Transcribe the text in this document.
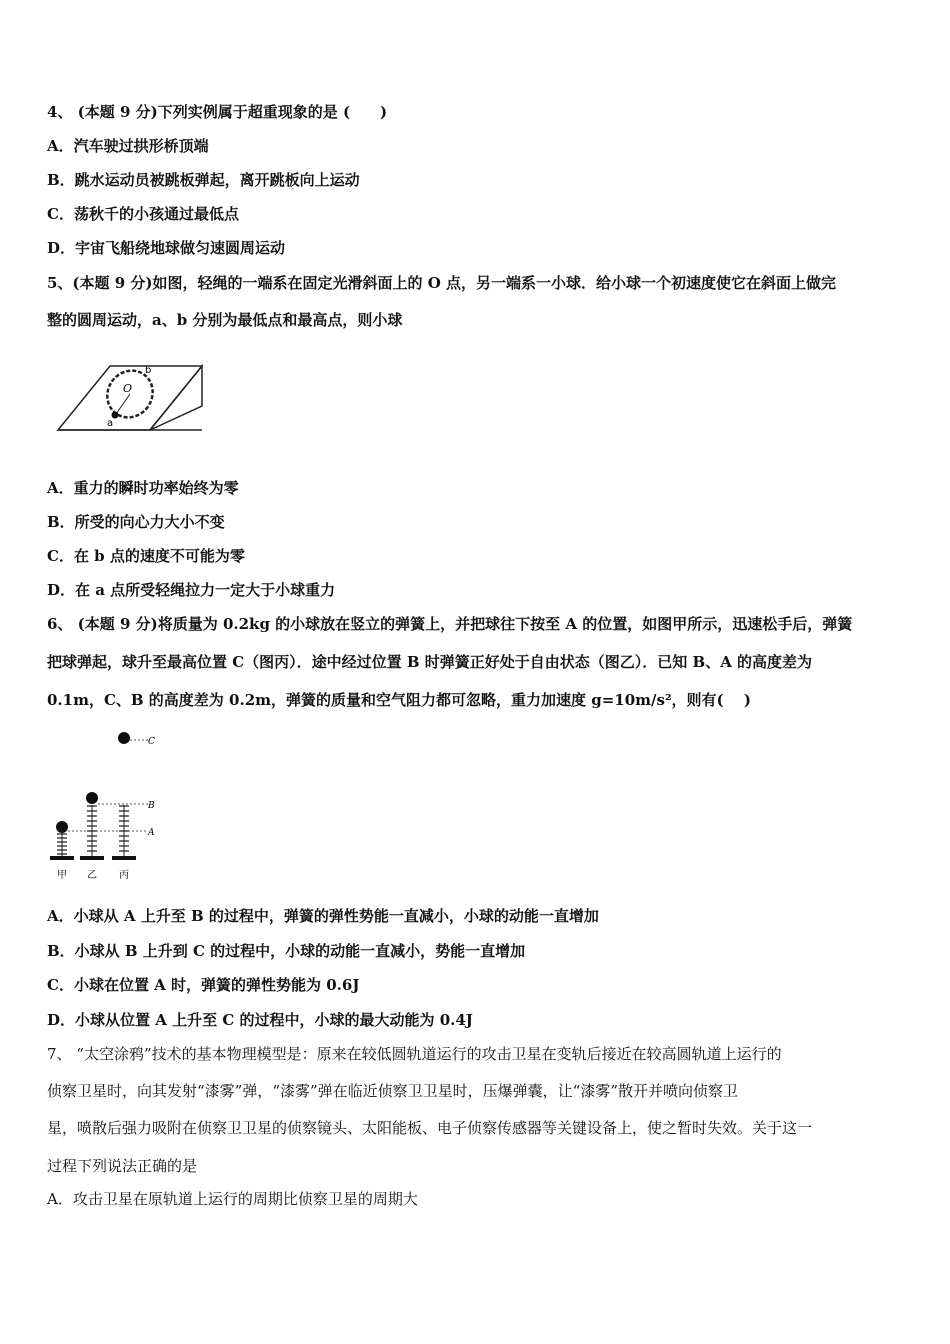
4、 (本题 9 分)下列实例属于超重现象的是 (　　)
A．汽车驶过拱形桥顶端
B．跳水运动员被跳板弹起，离开跳板向上运动
C．荡秋千的小孩通过最低点
D．宇宙飞船绕地球做匀速圆周运动
5、(本题 9 分)如图，轻绳的一端系在固定光滑斜面上的 O 点，另一端系一小球．给小球一个初速度使它在斜面上做完
整的圆周运动，a、b 分别为最低点和最高点，则小球
O
b
a
A．重力的瞬时功率始终为零
B．所受的向心力大小不变
C．在 b 点的速度不可能为零
D．在 a 点所受轻绳拉力一定大于小球重力
6、 (本题 9 分)将质量为 0.2kg 的小球放在竖立的弹簧上，并把球往下按至 A 的位置，如图甲所示，迅速松手后，弹簧
把球弹起，球升至最高位置 C（图丙）．途中经过位置 B 时弹簧正好处于自由状态（图乙）．已知 B、A 的高度差为
0.1m，C、B 的高度差为 0.2m，弹簧的质量和空气阻力都可忽略，重力加速度 g=10m/s²，则有(　 )
C
B
A
甲 乙 丙
A．小球从 A 上升至 B 的过程中，弹簧的弹性势能一直减小，小球的动能一直增加
B．小球从 B 上升到 C 的过程中，小球的动能一直减小，势能一直增加
C．小球在位置 A 时，弹簧的弹性势能为 0.6J
D．小球从位置 A 上升至 C 的过程中，小球的最大动能为 0.4J
7、 “太空涂鸦”技术的基本物理模型是：原来在较低圆轨道运行的攻击卫星在变轨后接近在较高圆轨道上运行的
侦察卫星时，向其发射“漆雾”弹，“漆雾”弹在临近侦察卫卫星时，压爆弹囊，让“漆雾”散开并喷向侦察卫
星，喷散后强力吸附在侦察卫卫星的侦察镜头、太阳能板、电子侦察传感器等关键设备上，使之暂时失效。关于这一
过程下列说法正确的是
A．攻击卫星在原轨道上运行的周期比侦察卫星的周期大
